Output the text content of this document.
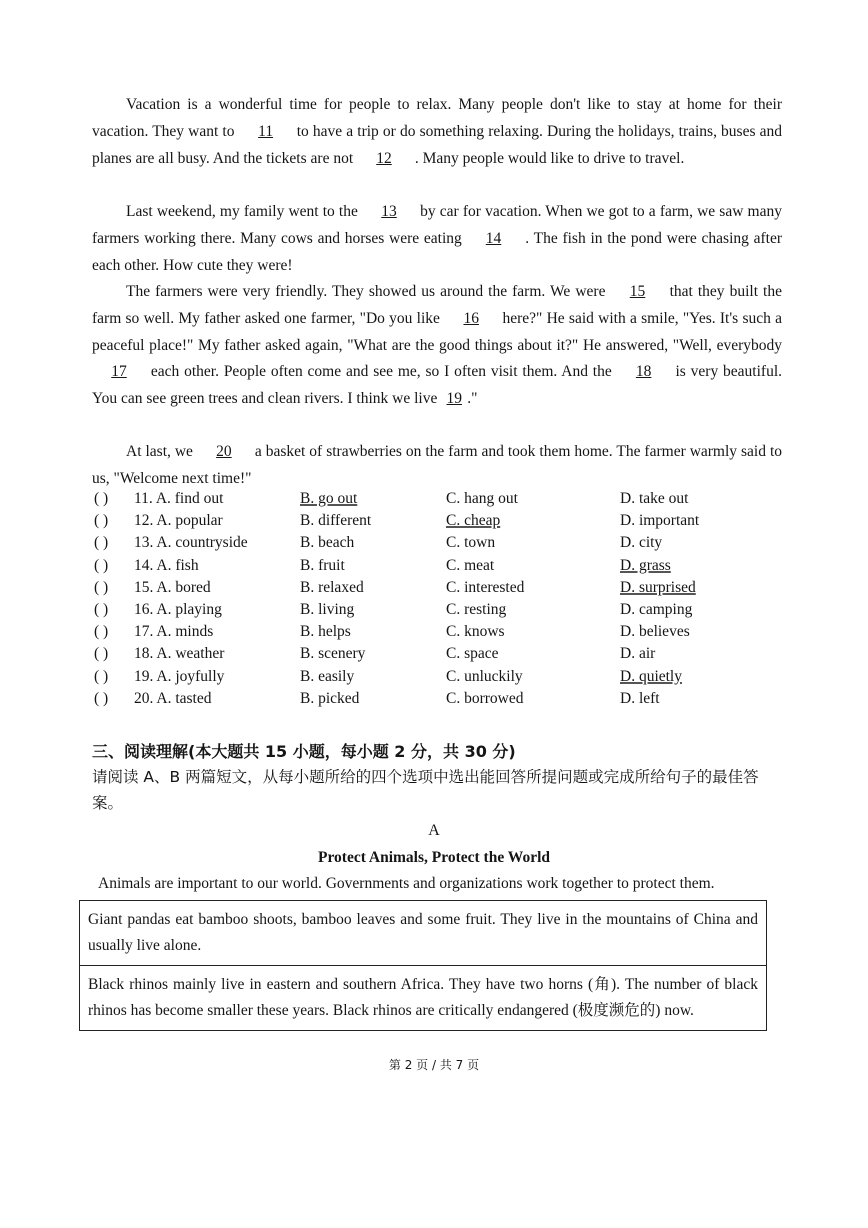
Vacation is a wonderful time for people to relax. Many people don't like to stay at home for their vacation. They want to 11 to have a trip or do something relaxing. During the holidays, trains, buses and planes are all busy. And the tickets are not 12 . Many people would like to drive to travel.

Last weekend, my family went to the 13 by car for vacation. When we got to a farm, we saw many farmers working there. Many cows and horses were eating 14 . The fish in the pond were chasing after each other. How cute they were!

The farmers were very friendly. They showed us around the farm. We were 15 that they built the farm so well. My father asked one farmer, "Do you like 16 here?" He said with a smile, "Yes. It's such a peaceful place!" My father asked again, "What are the good things about it?" He answered, "Well, everybody 17 each other. People often come and see me, so I often visit them. And the 18 is very beautiful. You can see green trees and clean rivers. I think we live 19 ."

At last, we 20 a basket of strawberries on the farm and took them home. The farmer warmly said to us, "Welcome next time!"

( ) 11. A. find out	B. go out	C. hang out	D. take out
( ) 12. A. popular	B. different	C. cheap	D. important
( ) 13. A. countryside	B. beach	C. town	D. city
( ) 14. A. fish	B. fruit	C. meat	D. grass
( ) 15. A. bored	B. relaxed	C. interested	D. surprised
( ) 16. A. playing	B. living	C. resting	D. camping
( ) 17. A. minds	B. helps	C. knows	D. believes
( ) 18. A. weather	B. scenery	C. space	D. air
( ) 19. A. joyfully	B. easily	C. unluckily	D. quietly
( ) 20. A. tasted	B. picked	C. borrowed	D. left

三、阅读理解(本大题共 15 小题，每小题 2 分，共 30 分)

请阅读 A、B 两篇短文，从每小题所给的四个选项中选出能回答所提问题或完成所给句子的最佳答案。

A

Protect Animals, Protect the World

Animals are important to our world. Governments and organizations work together to protect them.

Giant pandas eat bamboo shoots, bamboo leaves and some fruit. They live in the mountains of China and usually live alone.
Black rhinos mainly live in eastern and southern Africa. They have two horns (角). The number of black rhinos has become smaller these years. Black rhinos are critically endangered (极度濒危的) now.

第 2 页 / 共 7 页
